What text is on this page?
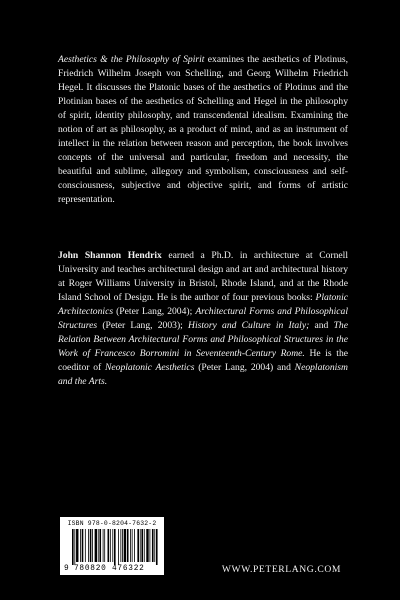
Aesthetics & the Philosophy of Spirit examines the aesthetics of Plotinus, Friedrich Wilhelm Joseph von Schelling, and Georg Wilhelm Friedrich Hegel. It discusses the Platonic bases of the aesthetics of Plotinus and the Plotinian bases of the aesthetics of Schelling and Hegel in the philosophy of spirit, identity philosophy, and transcendental idealism. Examining the notion of art as philosophy, as a product of mind, and as an instrument of intellect in the relation between reason and perception, the book involves concepts of the universal and particular, freedom and necessity, the beautiful and sublime, allegory and symbolism, consciousness and self-consciousness, subjective and objective spirit, and forms of artistic representation.

John Shannon Hendrix earned a Ph.D. in architecture at Cornell University and teaches architectural design and art and architectural history at Roger Williams University in Bristol, Rhode Island, and at the Rhode Island School of Design. He is the author of four previous books: Platonic Architectonics (Peter Lang, 2004); Architectural Forms and Philosophical Structures (Peter Lang, 2003); History and Culture in Italy; and The Relation Between Architectural Forms and Philosophical Structures in the Work of Francesco Borromini in Seventeenth-Century Rome. He is the coeditor of Neoplatonic Aesthetics (Peter Lang, 2004) and Neoplatonism and the Arts.

ISBN 978-0-8204-7632-2
9 780820 476322	WWW.PETERLANG.COM
